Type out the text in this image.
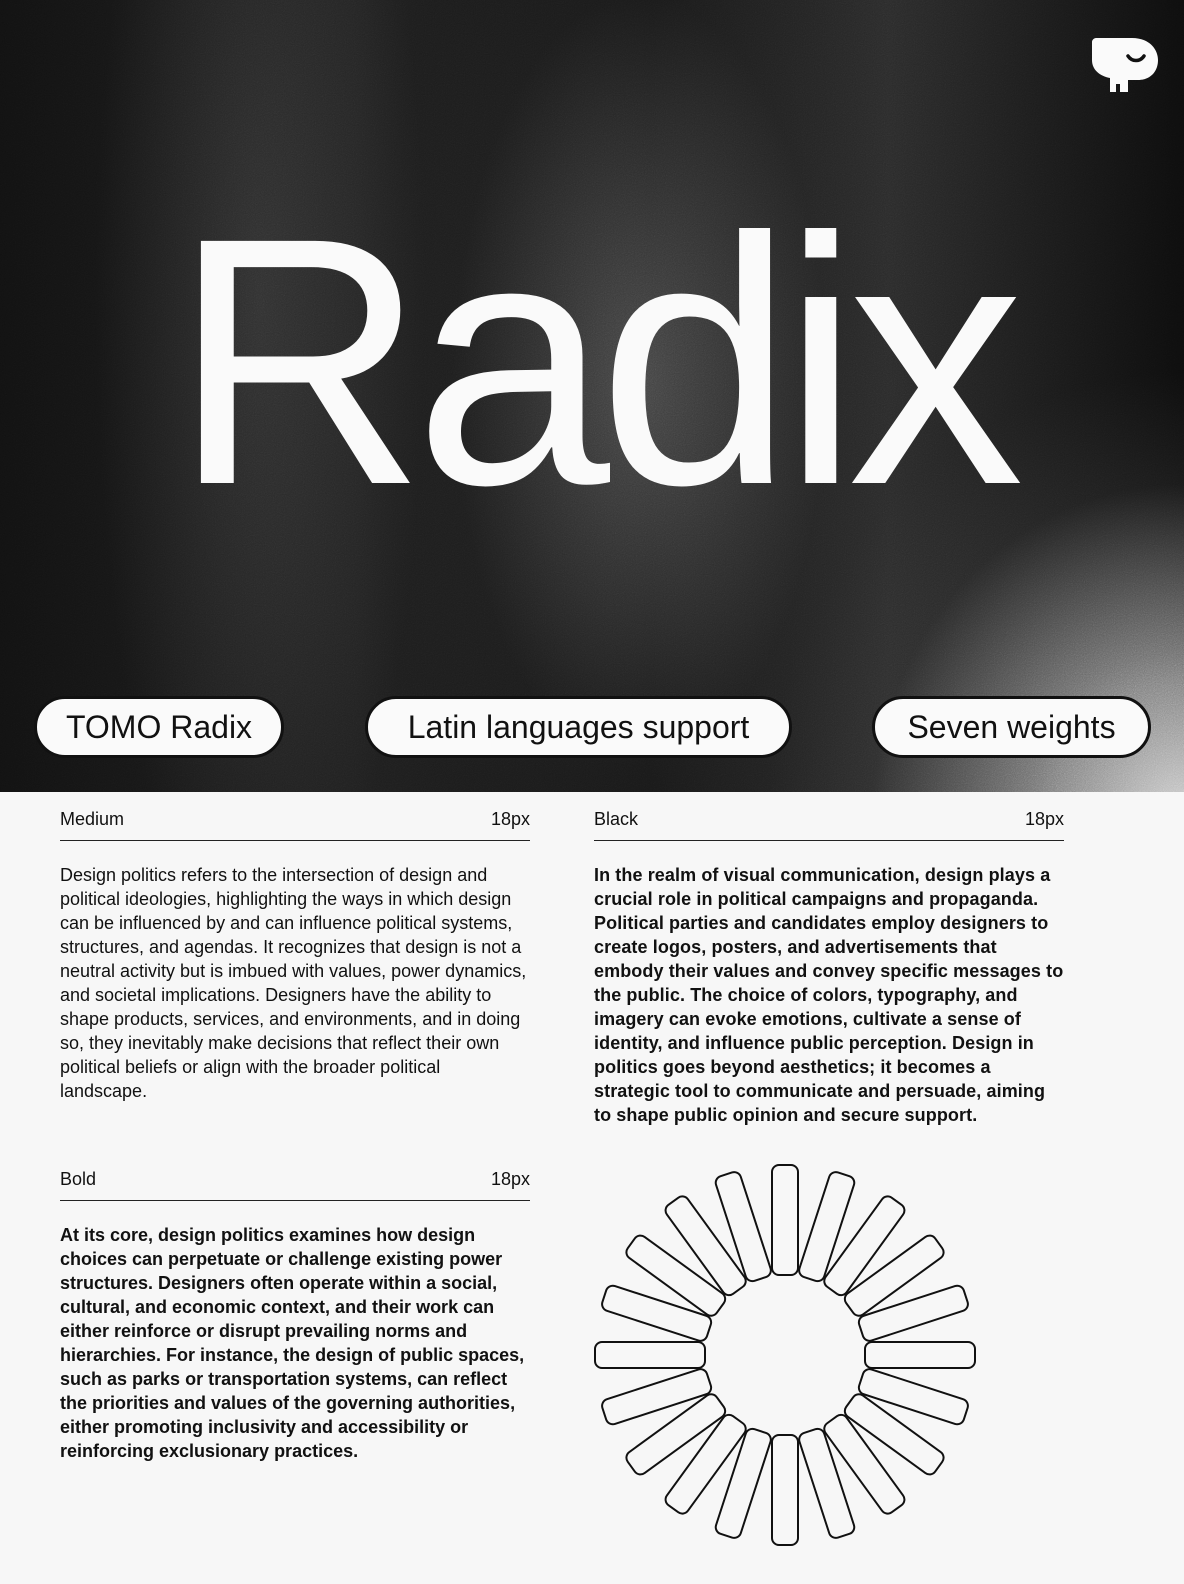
Radix
TOMO Radix	Latin languages support	Seven weights
Medium	18px

Design politics refers to the intersection of design and political ideologies, highlighting the ways in which design can be influenced by and can influence political systems, structures, and agendas. It recognizes that design is not a neutral activity but is imbued with values, power dynamics, and societal implications. Designers have the ability to shape products, services, and environments, and in doing so, they inevitably make decisions that reflect their own political beliefs or align with the broader political landscape.

Black	18px

In the realm of visual communication, design plays a crucial role in political campaigns and propaganda. Political parties and candidates employ designers to create logos, posters, and advertisements that embody their values and convey specific messages to the public. The choice of colors, typography, and imagery can evoke emotions, cultivate a sense of identity, and influence public perception. Design in politics goes beyond aesthetics; it becomes a strategic tool to communicate and persuade, aiming to shape public opinion and secure support.

Bold	18px

At its core, design politics examines how design choices can perpetuate or challenge existing power structures. Designers often operate within a social, cultural, and economic context, and their work can either reinforce or disrupt prevailing norms and hierarchies. For instance, the design of public spaces, such as parks or transportation systems, can reflect the priorities and values of the governing authorities, either promoting inclusivity and accessibility or reinforcing exclusionary practices.
